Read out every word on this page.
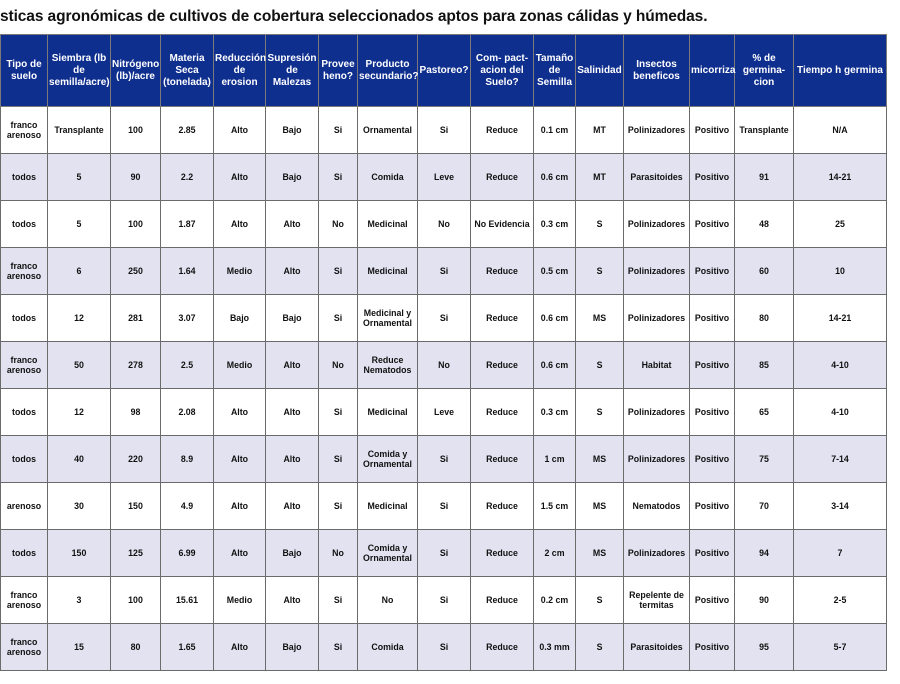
sticas agronómicas de cultivos de cobertura seleccionados aptos para zonas cálidas y húmedas.
	Tipo de suelo	Siembra (lb de semilla/acre)	Nitrógeno (lb)/acre	Materia Seca (tonelada)	Reducción de erosion	Supresión de Malezas	Provee heno?	Producto secundario?	Pastoreo?	Com- pact-acion del Suelo?	Tamaño de Semilla	Salinidad	Insectos beneficos	micorriza	% de germina- cion	Tiempo h germina
	franco arenoso	Transplante	100	2.85	Alto	Bajo	Si	Ornamental	Si	Reduce	0.1 cm	MT	Polinizadores	Positivo	Transplante	N/A
	todos	5	90	2.2	Alto	Bajo	Si	Comida	Leve	Reduce	0.6 cm	MT	Parasitoides	Positivo	91	14-21
	todos	5	100	1.87	Alto	Alto	No	Medicinal	No	No Evidencia	0.3 cm	S	Polinizadores	Positivo	48	25
	franco arenoso	6	250	1.64	Medio	Alto	Si	Medicinal	Si	Reduce	0.5 cm	S	Polinizadores	Positivo	60	10
	todos	12	281	3.07	Bajo	Bajo	Si	Medicinal y Ornamental	Si	Reduce	0.6 cm	MS	Polinizadores	Positivo	80	14-21
	franco arenoso	50	278	2.5	Medio	Alto	No	Reduce Nematodos	No	Reduce	0.6 cm	S	Habitat	Positivo	85	4-10
	todos	12	98	2.08	Alto	Alto	Si	Medicinal	Leve	Reduce	0.3 cm	S	Polinizadores	Positivo	65	4-10
	todos	40	220	8.9	Alto	Alto	Si	Comida y Ornamental	Si	Reduce	1 cm	MS	Polinizadores	Positivo	75	7-14
	arenoso	30	150	4.9	Alto	Alto	Si	Medicinal	Si	Reduce	1.5 cm	MS	Nematodos	Positivo	70	3-14
	todos	150	125	6.99	Alto	Bajo	No	Comida y Ornamental	Si	Reduce	2 cm	MS	Polinizadores	Positivo	94	7
	franco arenoso	3	100	15.61	Medio	Alto	Si	No	Si	Reduce	0.2 cm	S	Repelente de termitas	Positivo	90	2-5
	franco arenoso	15	80	1.65	Alto	Bajo	Si	Comida	Si	Reduce	0.3 mm	S	Parasitoides	Positivo	95	5-7
